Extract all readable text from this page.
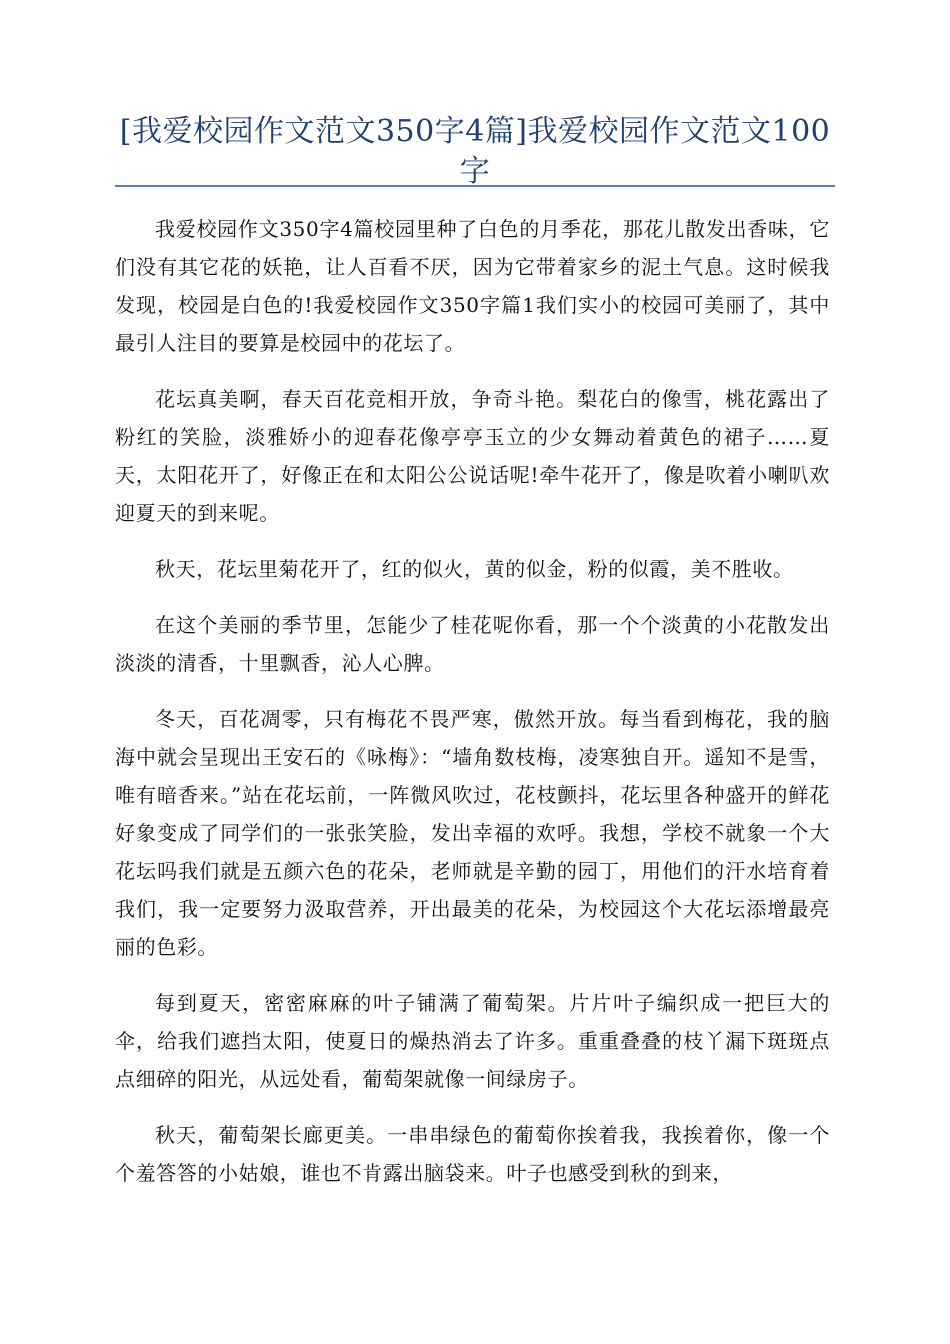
[我爱校园作文范文350字4篇]我爱校园作文范文100字

我爱校园作文350字4篇校园里种了白色的月季花，那花儿散发出香味，它们没有其它花的妖艳，让人百看不厌，因为它带着家乡的泥土气息。这时候我发现，校园是白色的!我爱校园作文350字篇1我们实小的校园可美丽了，其中最引人注目的要算是校园中的花坛了。

花坛真美啊，春天百花竞相开放，争奇斗艳。梨花白的像雪，桃花露出了粉红的笑脸，淡雅娇小的迎春花像亭亭玉立的少女舞动着黄色的裙子……夏天，太阳花开了，好像正在和太阳公公说话呢!牵牛花开了，像是吹着小喇叭欢迎夏天的到来呢。

秋天，花坛里菊花开了，红的似火，黄的似金，粉的似霞，美不胜收。

在这个美丽的季节里，怎能少了桂花呢你看，那一个个淡黄的小花散发出淡淡的清香，十里飘香，沁人心脾。

冬天，百花凋零，只有梅花不畏严寒，傲然开放。每当看到梅花，我的脑海中就会呈现出王安石的《咏梅》：“墙角数枝梅，凌寒独自开。遥知不是雪，唯有暗香来。”站在花坛前，一阵微风吹过，花枝颤抖，花坛里各种盛开的鲜花好象变成了同学们的一张张笑脸，发出幸福的欢呼。我想，学校不就象一个大花坛吗我们就是五颜六色的花朵，老师就是辛勤的园丁，用他们的汗水培育着我们，我一定要努力汲取营养，开出最美的花朵，为校园这个大花坛添增最亮丽的色彩。

每到夏天，密密麻麻的叶子铺满了葡萄架。片片叶子编织成一把巨大的伞，给我们遮挡太阳，使夏日的燥热消去了许多。重重叠叠的枝丫漏下斑斑点点细碎的阳光，从远处看，葡萄架就像一间绿房子。

秋天，葡萄架长廊更美。一串串绿色的葡萄你挨着我，我挨着你，像一个个羞答答的小姑娘，谁也不肯露出脑袋来。叶子也感受到秋的到来，
